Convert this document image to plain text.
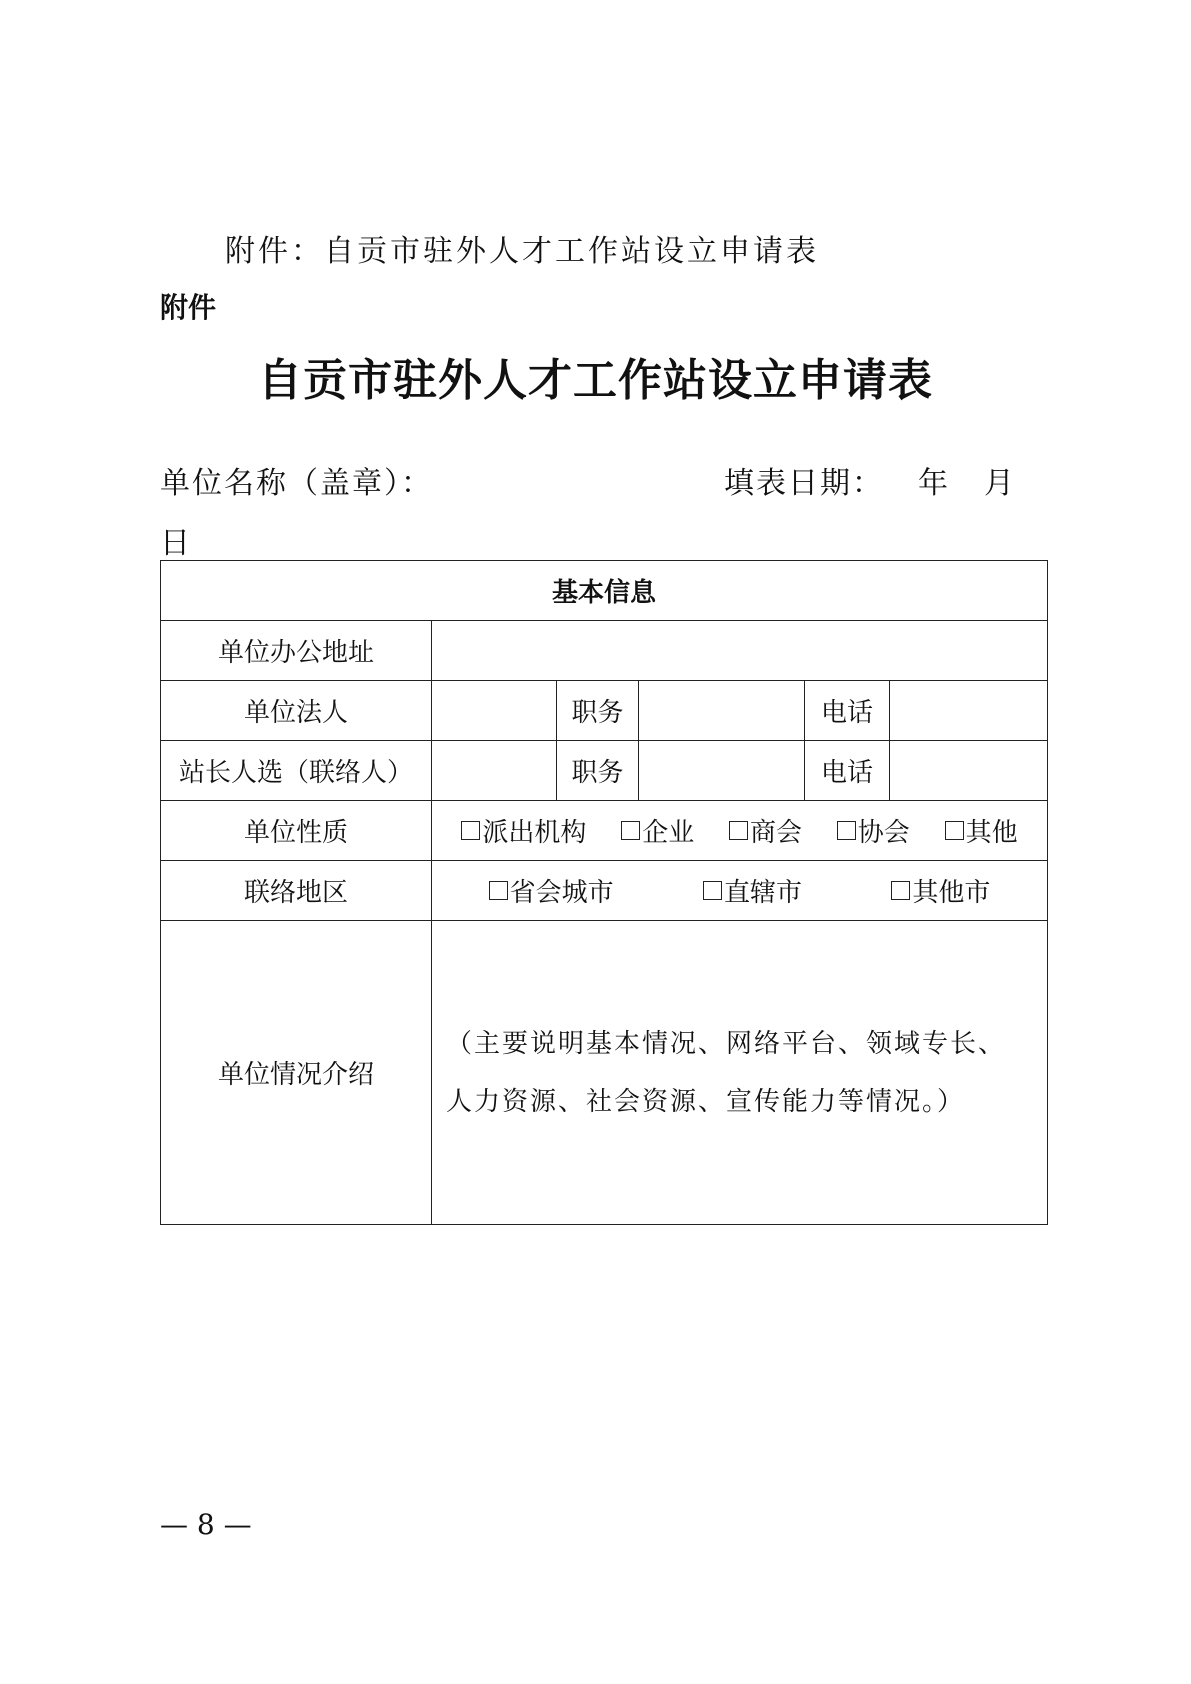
附件：自贡市驻外人才工作站设立申请表
附件
自贡市驻外人才工作站设立申请表
单位名称（盖章）：	填表日期： 年 月
日
基本信息					
单位办公地址					
单位法人		职务		电话	
站长人选（联络人）		职务		电话	
单位性质	派出机构 企业 商会 协会 其他				

联络地区	省会城市 直辖市 其他市				

单位情况介绍	（主要说明基本情况、网络平台、领域专长、人力资源、社会资源、宣传能力等情况。）				
— 8 —
